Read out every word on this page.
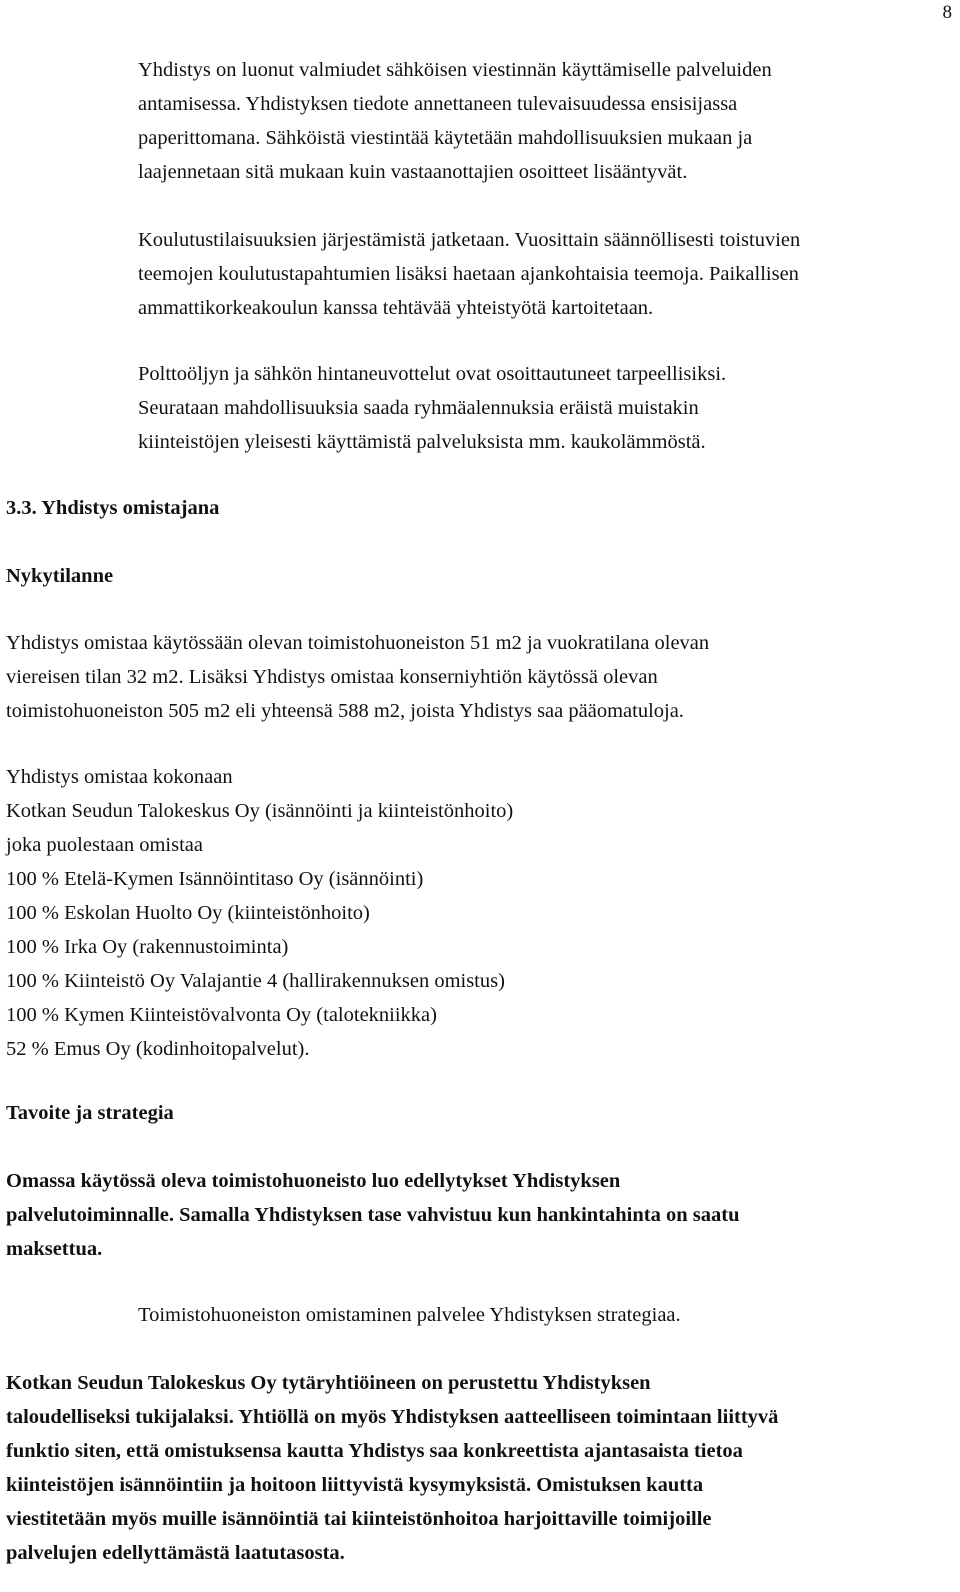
8

Yhdistys on luonut valmiudet sähköisen viestinnän käyttämiselle palveluiden
antamisessa. Yhdistyksen tiedote annettaneen tulevaisuudessa ensisijassa
paperittomana. Sähköistä viestintää käytetään mahdollisuuksien mukaan ja
laajennetaan sitä mukaan kuin vastaanottajien osoitteet lisääntyvät.

Koulutustilaisuuksien järjestämistä jatketaan. Vuosittain säännöllisesti toistuvien
teemojen koulutustapahtumien lisäksi haetaan ajankohtaisia teemoja. Paikallisen
ammattikorkeakoulun kanssa tehtävää yhteistyötä kartoitetaan.

Polttoöljyn ja sähkön hintaneuvottelut ovat osoittautuneet tarpeellisiksi.
Seurataan mahdollisuuksia saada ryhmäalennuksia eräistä muistakin
kiinteistöjen yleisesti käyttämistä palveluksista mm. kaukolämmöstä.

3.3. Yhdistys omistajana
Nykytilanne

Yhdistys omistaa käytössään olevan toimistohuoneiston 51 m2 ja vuokratilana olevan
viereisen tilan 32 m2. Lisäksi Yhdistys omistaa konserniyhtiön käytössä olevan
toimistohuoneiston 505 m2 eli yhteensä 588 m2, joista Yhdistys saa pääomatuloja.

Yhdistys omistaa kokonaan
Kotkan Seudun Talokeskus Oy (isännöinti ja kiinteistönhoito)
joka puolestaan omistaa
100 % Etelä-Kymen Isännöintitaso Oy (isännöinti)
100 % Eskolan Huolto Oy (kiinteistönhoito)
100 % Irka Oy (rakennustoiminta)
100 % Kiinteistö Oy Valajantie 4 (hallirakennuksen omistus)
100 % Kymen Kiinteistövalvonta Oy (talotekniikka)
52 % Emus Oy (kodinhoitopalvelut).
Tavoite ja strategia

Omassa käytössä oleva toimistohuoneisto luo edellytykset Yhdistyksen
palvelutoiminnalle. Samalla Yhdistyksen tase vahvistuu kun hankintahinta on saatu
maksettua.

Toimistohuoneiston omistaminen palvelee Yhdistyksen strategiaa.

Kotkan Seudun Talokeskus Oy tytäryhtiöineen on perustettu Yhdistyksen
taloudelliseksi tukijalaksi. Yhtiöllä on myös Yhdistyksen aatteelliseen toimintaan liittyvä
funktio siten, että omistuksensa kautta Yhdistys saa konkreettista ajantasaista tietoa
kiinteistöjen isännöintiin ja hoitoon liittyvistä kysymyksistä. Omistuksen kautta
viestitetään myös muille isännöintiä tai kiinteistönhoitoa harjoittaville toimijoille
palvelujen edellyttämästä laatutasosta.
